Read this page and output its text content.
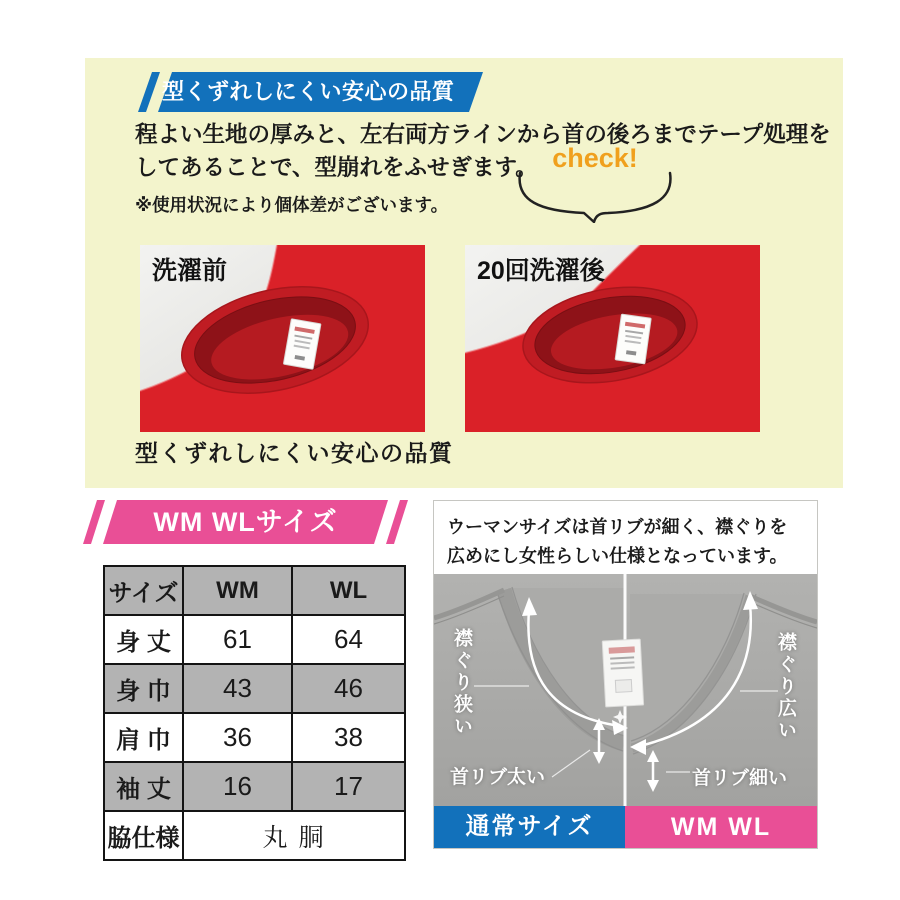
型くずれしにくい安心の品質
程よい生地の厚みと、左右両方ラインから首の後ろまでテープ処理を
してあることで、型崩れをふせぎます。
※使用状況により個体差がございます。
check!
洗濯前	20回洗濯後
型くずれしにくい安心の品質
WM WLサイズ
サイズ	WM	WL
身 丈	61	64
身 巾	43	46
肩 巾	36	38
袖 丈	16	17
脇仕様	丸 胴	
ウーマンサイズは首リブが細く、襟ぐりを
広めにし女性らしい仕様となっています。
襟ぐり狭い
首リブ太い
襟ぐり広い
首リブ細い
通常サイズ	WM WL
